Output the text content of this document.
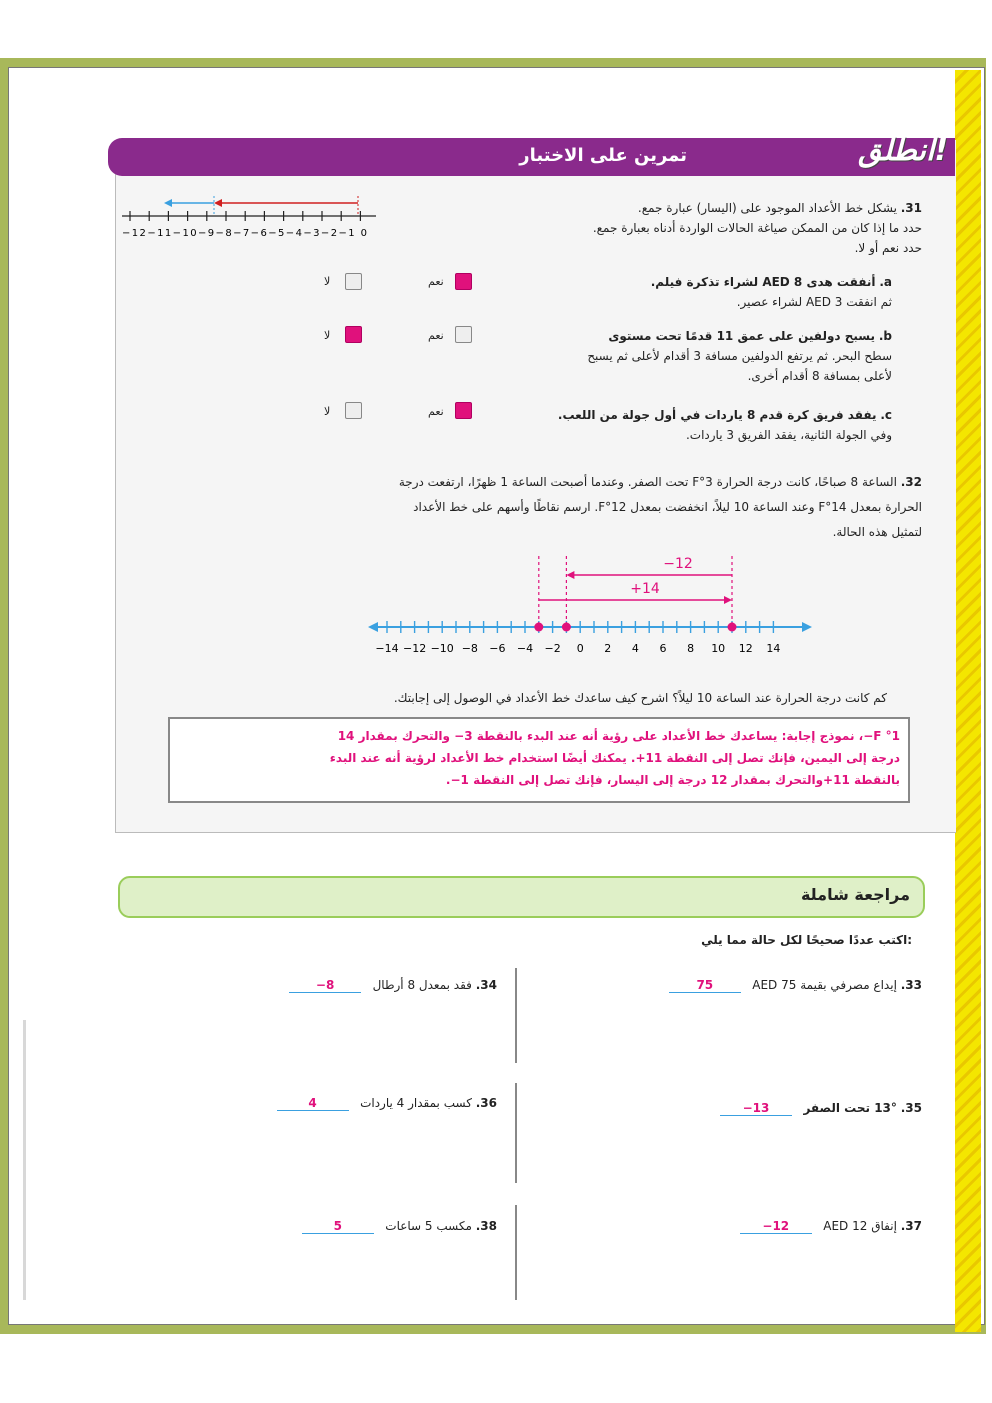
تمرين على الاختبار	انطلق!
31. يشكل خط الأعداد الموجود على (اليسار) عبارة جمع.
حدد ما إذا كان من الممكن صياغة الحالات الواردة أدناه بعبارة جمع.
حدد نعم أو لا.
−12−11−10−9−8−7−6−5−4−3−2−1 0
a. أنفقت هدى AED 8 لشراء تذكرة فيلم.
ثم انفقت AED 3 لشراء عصير.
نعم
لا
b. يسبح دولفين على عمق 11 قدمًا تحت مستوى
سطح البحر. ثم يرتفع الدولفين مسافة 3 أقدام لأعلى ثم يسبح
لأعلى بمسافة 8 أقدام أخرى.
نعم
لا
c. يفقد فريق كرة قدم 8 ياردات في أول جولة من اللعب.
وفي الجولة الثانية، يفقد الفريق 3 ياردات.
نعم
لا
32. الساعة 8 صباحًا، كانت درجة الحرارة 3°F تحت الصفر. وعندما أصبحت الساعة 1 ظهرًا، ارتفعت درجة
الحرارة بمعدل 14°F وعند الساعة 10 ليلاً، انخفضت بمعدل 12°F. ارسم نقاطًا وأسهم على خط الأعداد
لتمثيل هذه الحالة.
−14 −12 −10 −8 −6 −4 −2 0 2 4 6 8 10 12 14
−12
+14
كم كانت درجة الحرارة عند الساعة 10 ليلاً؟ اشرح كيف ساعدك خط الأعداد في الوصول إلى إجابتك.
F °1−، نموذج إجابة: يساعدك خط الأعداد على رؤية أنه عند البدء بالنقطة 3− والتحرك بمقدار 14
درجة إلى اليمين، فإنك تصل إلى النقطة 11+. يمكنك أيضًا استخدام خط الأعداد لرؤية أنه عند البدء
بالنقطة 11+والتحرك بمقدار 12 درجة إلى اليسار، فإنك تصل إلى النقطة 1−.
مراجعة شاملة
اكتب عددًا صحيحًا لكل حالة مما يلي:
33. إيداع مصرفي بقيمة AED 75   75
34. فقد بمعدل 8 أرطال   −8
35. 13° تحت الصفر   −13
36. كسب بمقدار 4 ياردات   4
37. إنفاق AED 12   −12
38. مكسب 5 ساعات   5
